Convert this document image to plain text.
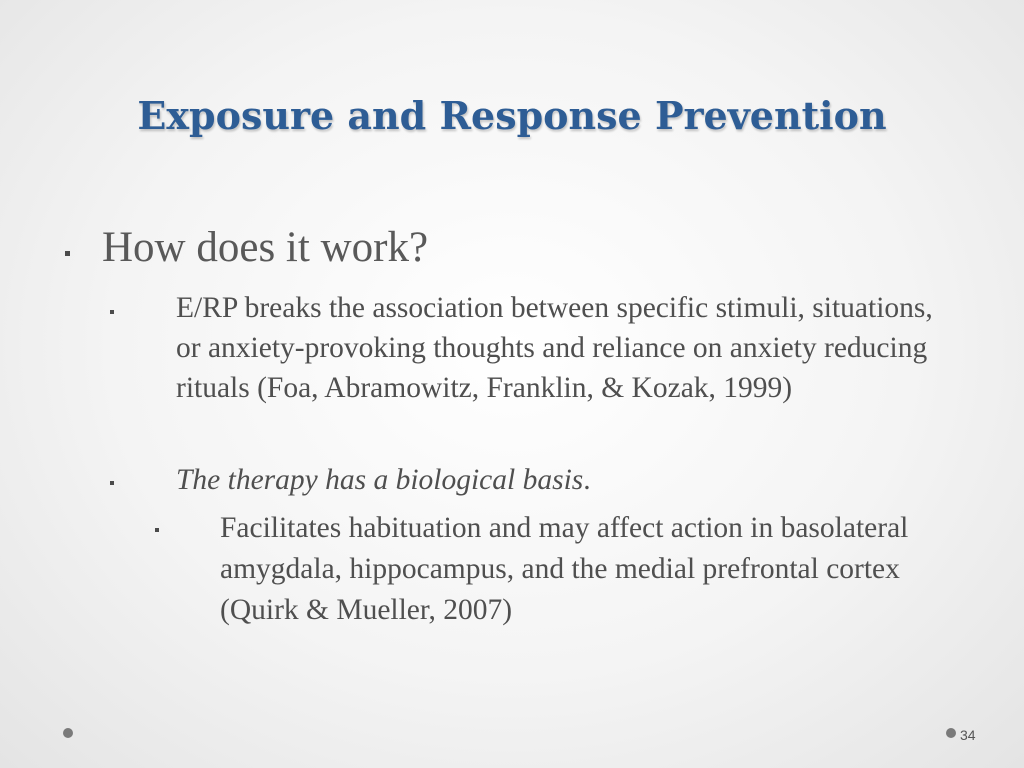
Exposure and Response Prevention
How does it work?
E/RP breaks the association between specific stimuli, situations, or anxiety-provoking thoughts and reliance on anxiety reducing rituals (Foa, Abramowitz, Franklin, & Kozak, 1999)
The therapy has a biological basis.
Facilitates habituation and may affect action in basolateral amygdala, hippocampus, and the medial prefrontal cortex (Quirk & Mueller, 2007)
34
